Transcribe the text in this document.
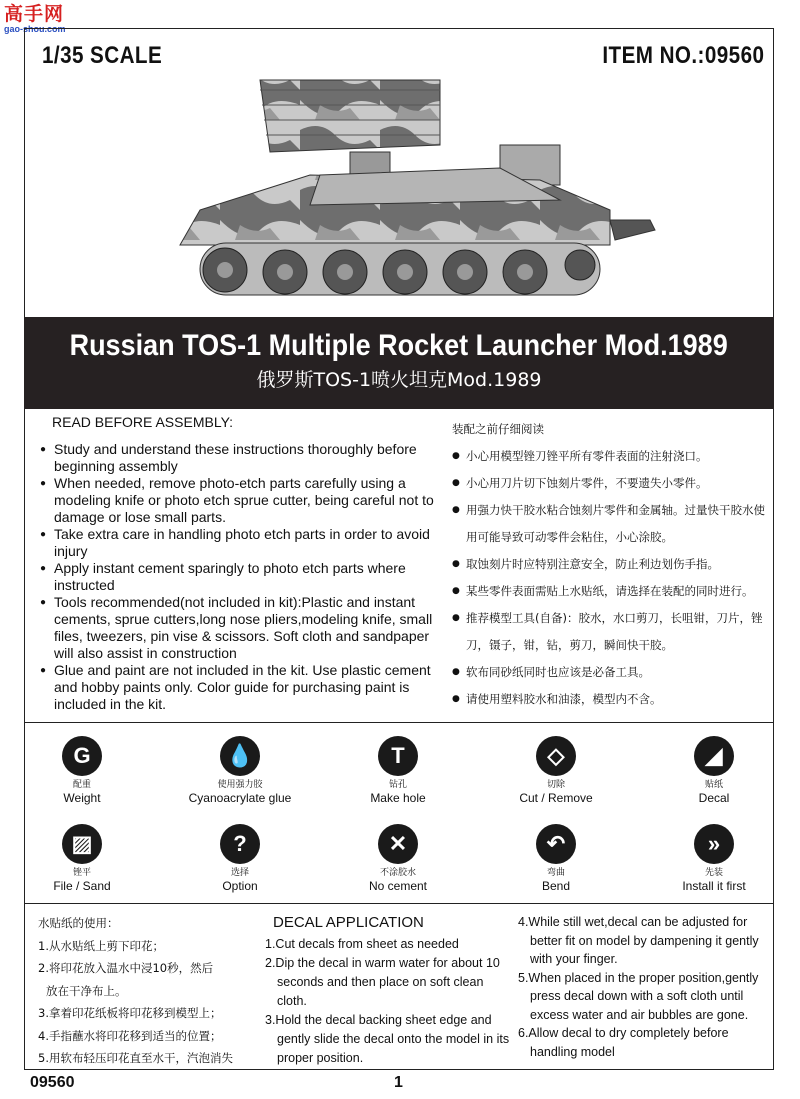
高手网
gao-shou.com
1/35 SCALE	ITEM NO.:09560
Russian TOS-1 Multiple Rocket Launcher Mod.1989
俄罗斯TOS-1喷火坦克Mod.1989
READ BEFORE ASSEMBLY:
● Study and understand these instructions thoroughly before beginning assembly
● When needed, remove photo-etch parts carefully using a modeling knife or photo etch sprue cutter, being careful not to damage or lose small parts.
● Take extra care in handling photo etch parts in order to avoid injury
● Apply instant cement sparingly to photo etch parts where instructed
● Tools recommended(not included in kit):Plastic and instant cements, sprue cutters,long nose pliers,modeling knife, small files, tweezers, pin vise & scissors. Soft cloth and sandpaper will also assist in construction
● Glue and paint are not included in the kit. Use plastic cement and hobby paints only. Color guide for purchasing paint is included in the kit.
装配之前仔细阅读
● 小心用模型锉刀锉平所有零件表面的注射浇口。
● 小心用刀片切下蚀刻片零件，不要遗失小零件。
● 用强力快干胶水粘合蚀刻片零件和金属轴。过量快干胶水使用可能导致可动零件会粘住，小心涂胶。
● 取蚀刻片时应特别注意安全，防止利边划伤手指。
● 某些零件表面需贴上水贴纸，请选择在装配的同时进行。
● 推荐模型工具(自备)：胶水，水口剪刀，长咀钳，刀片，锉刀，镊子，钳，钻，剪刀，瞬间快干胶。
● 软布同砂纸同时也应该是必备工具。
● 请使用塑料胶水和油漆，模型内不含。
G
配重
Weight
💧
使用强力胶
Cyanoacrylate glue
T
钻孔
Make hole
◇
切除
Cut / Remove
◢
贴纸
Decal
▨
锉平
File / Sand
?
选择
Option
✕
不涂胶水
No cement
↶
弯曲
Bend
»
先装
Install it first
水贴纸的使用：
1.从水贴纸上剪下印花；
2.将印花放入温水中浸10秒，然后
放在干净布上。
3.拿着印花纸板将印花移到模型上；
4.手指蘸水将印花移到适当的位置；
5.用软布轻压印花直至水干，汽泡消失
DECAL APPLICATION

1.Cut decals from sheet as needed

2.Dip the decal in warm water for about 10 seconds and then place on soft clean cloth.

3.Hold the decal backing sheet edge and gently slide the decal onto the model in its proper position.

4.While still wet,decal can be adjusted for better fit on model by dampening it gently with your finger.

5.When placed in the proper position,gently press decal down with a soft cloth until excess water and air bubbles are gone.

6.Allow decal to dry completely before handling model

09560	1
